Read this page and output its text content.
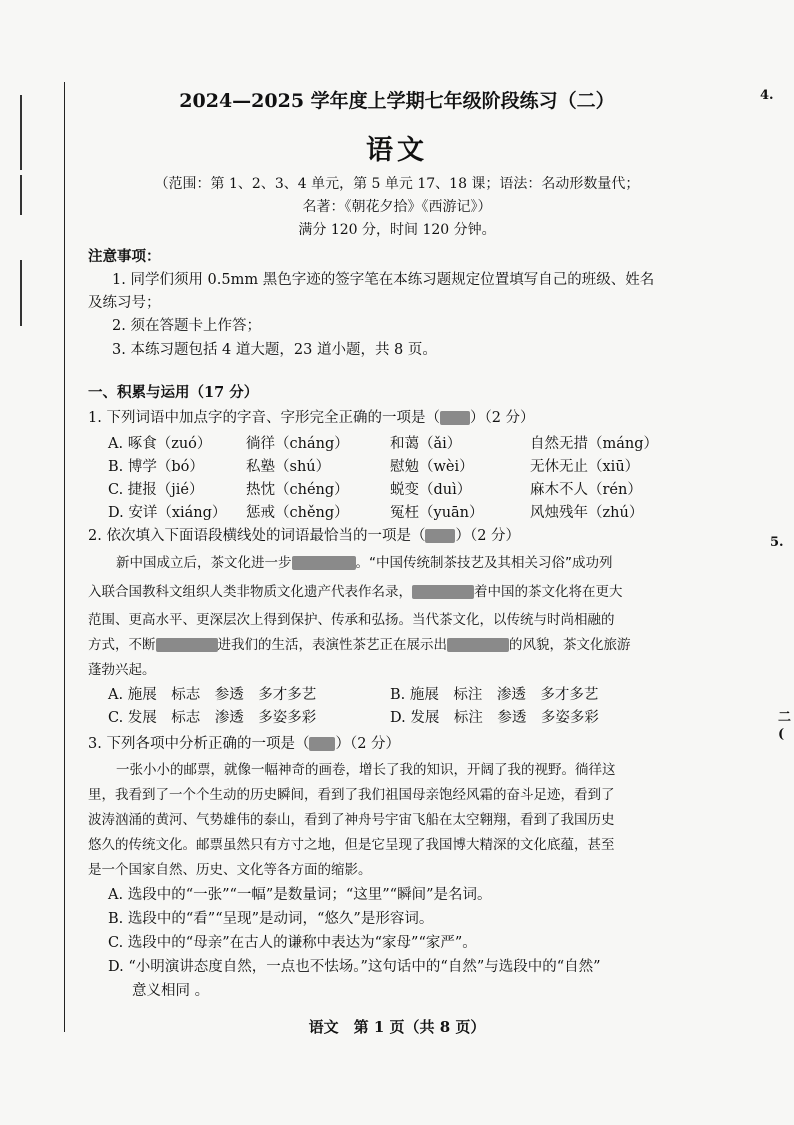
4.
5.
二
(
2024—2025 学年度上学期七年级阶段练习（二）
语文
（范围：第 1、2、3、4 单元，第 5 单元 17、18 课；语法：名动形数量代；
名著：《朝花夕拾》《西游记》）
满分 120 分，时间 120 分钟。
注意事项：
1. 同学们须用 0.5mm 黑色字迹的签字笔在本练习题规定位置填写自己的班级、姓名
及练习号；
2. 须在答题卡上作答；
3. 本练习题包括 4 道大题，23 道小题，共 8 页。
一、积累与运用（17 分）
1. 下列词语中加点字的字音、字形完全正确的一项是（ ）（2 分）
A. 啄食（zuó） 徜徉（cháng）	和蔼（ǎi）	自然无措（máng）
B. 博学（bó）	私塾（shú）	慰勉（wèi）	无休无止（xiū）
C. 捷报（jié）	热忱（chéng）	蜕变（duì）	麻木不人（rén）
D. 安详（xiáng） 惩戒（chěng）	冤枉（yuān）	风烛残年（zhú）
2. 依次填入下面语段横线处的词语最恰当的一项是（ ）（2 分）
新中国成立后，茶文化进一步	。“中国传统制茶技艺及其相关习俗”成功列
入联合国教科文组织人类非物质文化遗产代表作名录，	着中国的茶文化将在更大
范围、更高水平、更深层次上得到保护、传承和弘扬。当代茶文化，以传统与时尚相融的
方式，不断	进我们的生活，表演性茶艺正在展示出	的风貌，茶文化旅游
蓬勃兴起。
A. 施展　标志　参透　多才多艺	B. 施展　标注　渗透　多才多艺
C. 发展　标志　渗透　多姿多彩	D. 发展　标注　参透　多姿多彩
3. 下列各项中分析正确的一项是（ ）（2 分）
一张小小的邮票，就像一幅神奇的画卷，增长了我的知识，开阔了我的视野。徜徉这
里，我看到了一个个生动的历史瞬间，看到了我们祖国母亲饱经风霜的奋斗足迹，看到了
波涛汹涌的黄河、气势雄伟的泰山，看到了神舟号宇宙飞船在太空翱翔，看到了我国历史
悠久的传统文化。邮票虽然只有方寸之地，但是它呈现了我国博大精深的文化底蕴，甚至
是一个国家自然、历史、文化等各方面的缩影。
A. 选段中的“一张”“一幅”是数量词；“这里”“瞬间”是名词。
B. 选段中的“看”“呈现”是动词，“悠久”是形容词。
C. 选段中的“母亲”在古人的谦称中表达为“家母”“家严”。
D. “小明演讲态度自然，一点也不怯场。”这句话中的“自然”与选段中的“自然”
意义相同 。
语文　第 1 页（共 8 页）
